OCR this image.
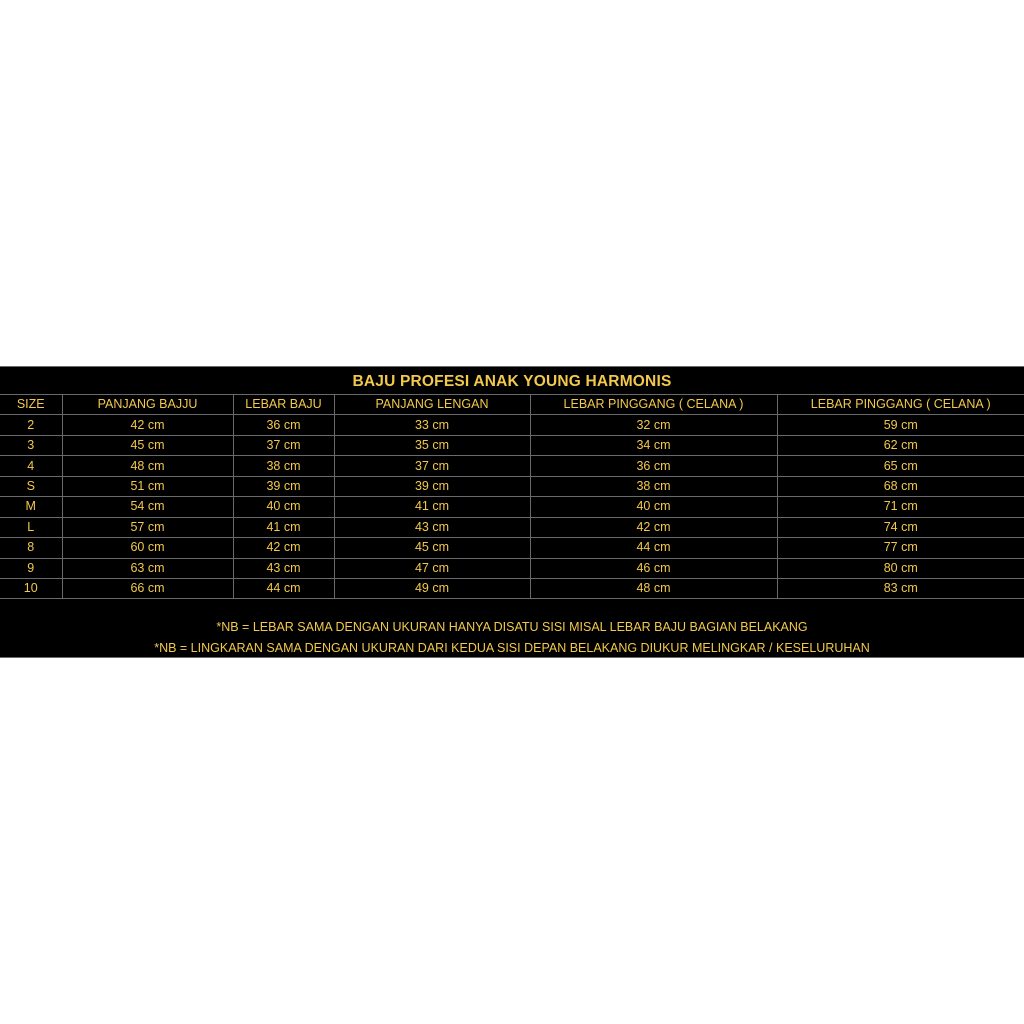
BAJU PROFESI ANAK YOUNG HARMONIS
SIZE	PANJANG BAJJU	LEBAR BAJU	PANJANG LENGAN	LEBAR PINGGANG ( CELANA )	LEBAR PINGGANG ( CELANA )
2	42 cm	36 cm	33 cm	32 cm	59 cm
3	45 cm	37 cm	35 cm	34 cm	62 cm
4	48 cm	38 cm	37 cm	36 cm	65 cm
S	51 cm	39 cm	39 cm	38 cm	68 cm
M	54 cm	40 cm	41 cm	40 cm	71 cm
L	57 cm	41 cm	43 cm	42 cm	74 cm
8	60 cm	42 cm	45 cm	44 cm	77 cm
9	63 cm	43 cm	47 cm	46 cm	80 cm
10	66 cm	44 cm	49 cm	48 cm	83 cm
*NB = LEBAR SAMA DENGAN UKURAN HANYA DISATU SISI MISAL LEBAR BAJU BAGIAN BELAKANG
*NB = LINGKARAN SAMA DENGAN UKURAN DARI KEDUA SISI DEPAN BELAKANG DIUKUR MELINGKAR / KESELURUHAN
